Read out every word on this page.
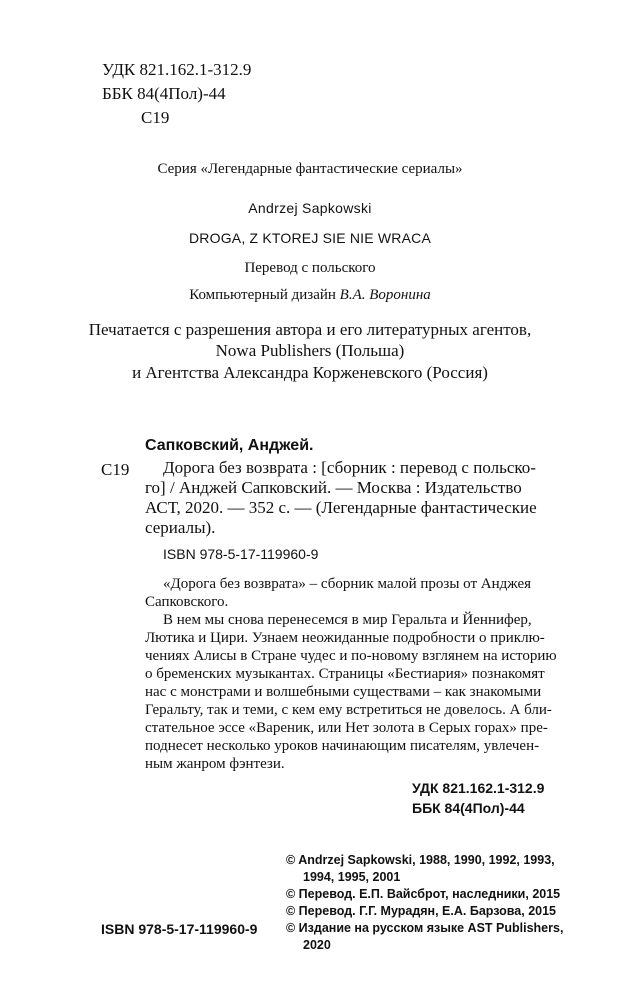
УДК 821.162.1-312.9
ББК 84(4Пол)-44
С19
Серия «Легендарные фантастические сериалы»
Andrzej Sapkowski
DROGA, Z KTOREJ SIE NIE WRACA
Перевод с польского
Компьютерный дизайн В.А. Воронина
Печатается с разрешения автора и его литературных агентов,
Nowa Publishers (Польша)
и Агентства Александра Корженевского (Россия)
Сапковский, Анджей.
С19 Дорога без возврата : [сборник : перевод с польско-
го] / Анджей Сапковский. — Москва : Издательство
АСТ, 2020. — 352 с. — (Легендарные фантастические
сериалы).
ISBN 978-5-17-119960-9
«Дорога без возврата» – сборник малой прозы от Анджея
Сапковского.
В нем мы снова перенесемся в мир Геральта и Йеннифер,
Лютика и Цири. Узнаем неожиданные подробности о приклю-
чениях Алисы в Стране чудес и по-новому взглянем на историю
о бременских музыкантах. Страницы «Бестиария» познакомят
нас с монстрами и волшебными существами – как знакомыми
Геральту, так и теми, с кем ему встретиться не довелось. А бли-
стательное эссе «Вареник, или Нет золота в Серых горах» пре-
поднесет несколько уроков начинающим писателям, увлечен-
ным жанром фэнтези.
УДК 821.162.1-312.9
ББК 84(4Пол)-44
© Andrzej Sapkowski, 1988, 1990, 1992, 1993,
1994, 1995, 2001
© Перевод. Е.П. Вайсброт, наследники, 2015
© Перевод. Г.Г. Мурадян, Е.А. Барзова, 2015
© Издание на русском языке AST Publishers,
2020
ISBN 978-5-17-119960-9
